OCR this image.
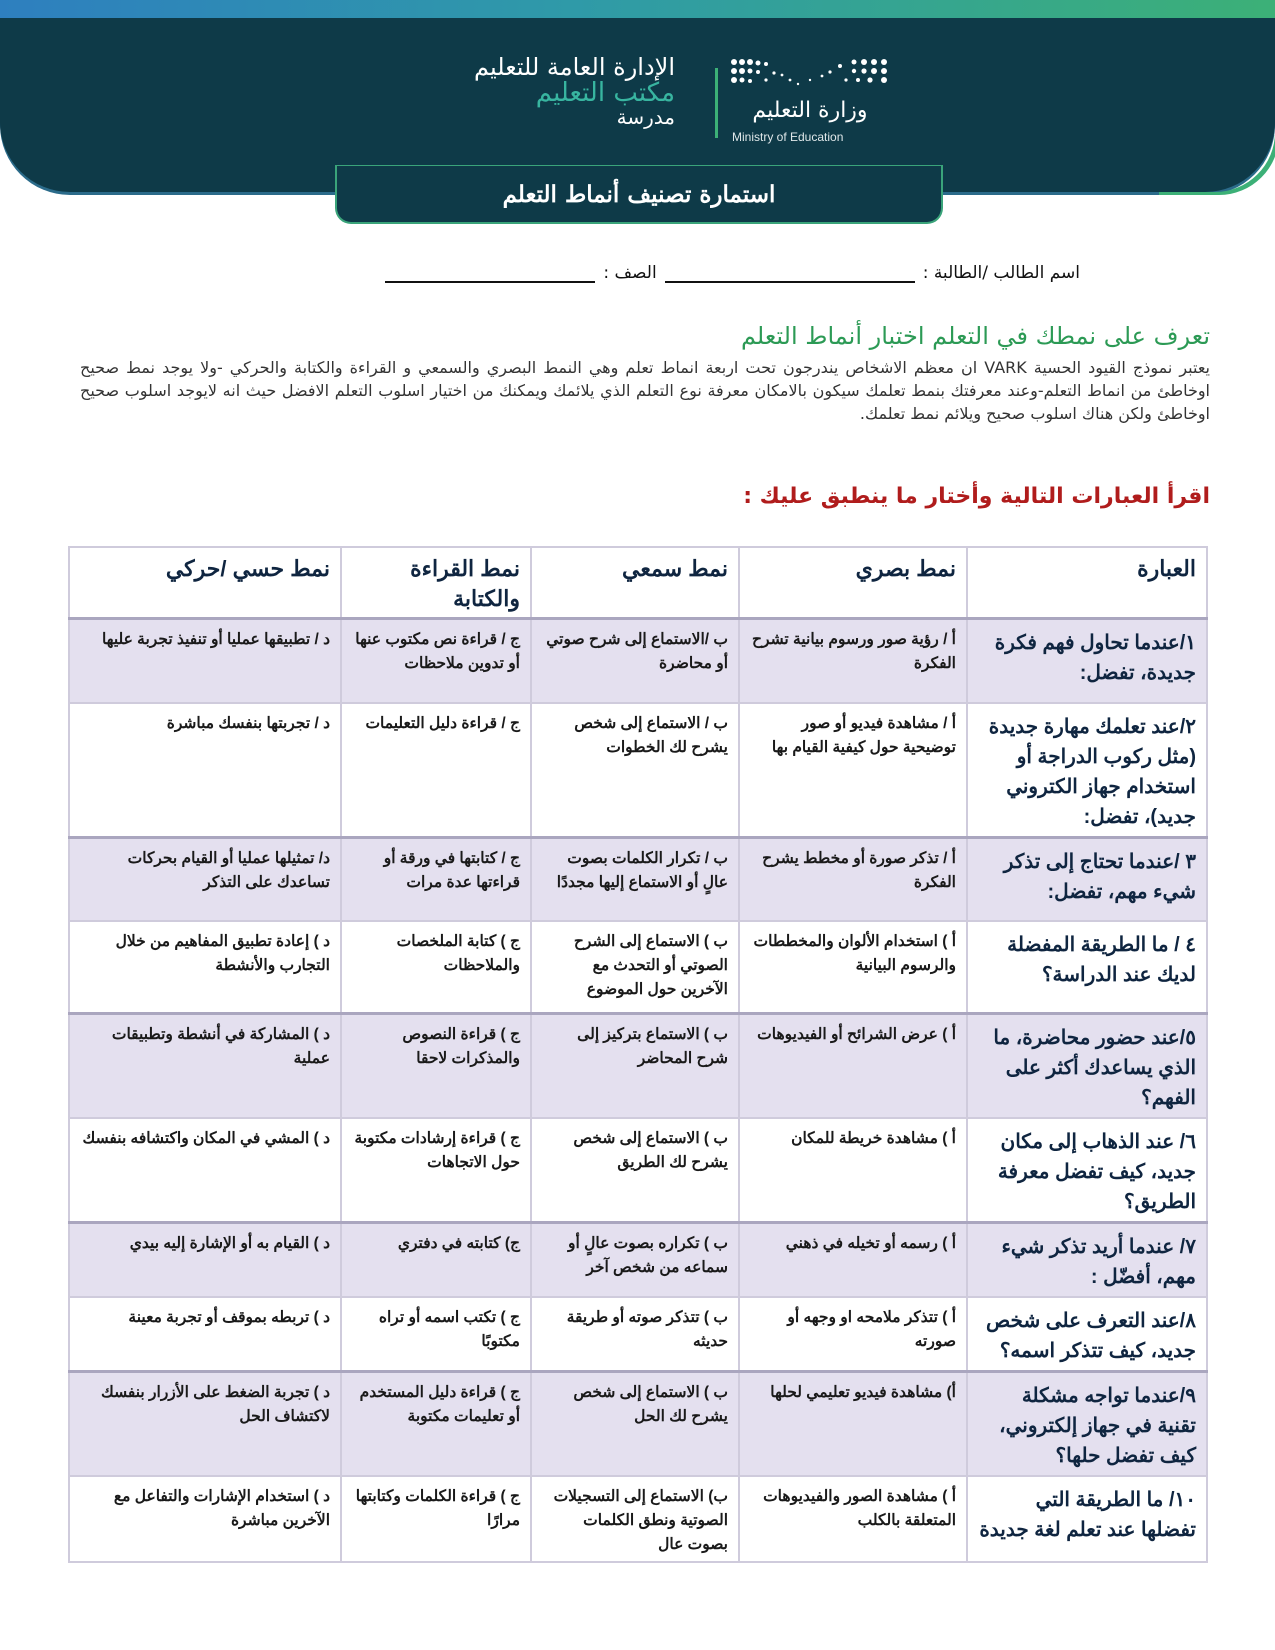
وزارة التعليم
Ministry of Education
الإدارة العامة للتعليم
مكتب التعليم
مدرسة
استمارة تصنيف أنماط التعلم
اسم الطالب /الطالبة :
الصف :
تعرف على نمطك في التعلم اختبار أنماط التعلم
يعتبر نموذج القيود الحسية VARK ان معظم الاشخاص يندرجون تحت اربعة انماط تعلم وهي النمط البصري والسمعي و القراءة والكتابة والحركي -ولا يوجد نمط صحيح اوخاطئ من انماط التعلم-وعند معرفتك بنمط تعلمك سيكون بالامكان معرفة نوع التعلم الذي يلائمك ويمكنك من اختيار اسلوب التعلم الافضل حيث انه لايوجد اسلوب صحيح اوخاطئ ولكن هناك اسلوب صحيح ويلائم نمط تعلمك.
اقرأ العبارات التالية وأختار ما ينطبق عليك :
العبارة	نمط بصري	نمط سمعي	نمط القراءة والكتابة	نمط حسي /حركي
١/عندما تحاول فهم فكرة جديدة، تفضل:	أ / رؤية صور ورسوم بيانية تشرح الفكرة	ب /الاستماع إلى شرح صوتي أو محاضرة	ج / قراءة نص مكتوب عنها أو تدوين ملاحظات	د / تطبيقها عمليا أو تنفيذ تجربة عليها
٢/عند تعلمك مهارة جديدة (مثل ركوب الدراجة أو استخدام جهاز الكتروني جديد)، تفضل:	أ / مشاهدة فيديو أو صور توضيحية حول كيفية القيام بها	ب / الاستماع إلى شخص يشرح لك الخطوات	ج / قراءة دليل التعليمات	د / تجربتها بنفسك مباشرة
٣ /عندما تحتاج إلى تذكر شيء مهم، تفضل:	أ / تذكر صورة أو مخطط يشرح الفكرة	ب / تكرار الكلمات بصوت عالٍ أو الاستماع إليها مجددًا	ج / كتابتها في ورقة أو قراءتها عدة مرات	د/ تمثيلها عمليا أو القيام بحركات تساعدك على التذكر
٤ / ما الطريقة المفضلة لديك عند الدراسة؟	أ ) استخدام الألوان والمخططات والرسوم البيانية	ب ) الاستماع إلى الشرح الصوتي أو التحدث مع الآخرين حول الموضوع	ج ) كتابة الملخصات والملاحظات	د ) إعادة تطبيق المفاهيم من خلال التجارب والأنشطة
٥/عند حضور محاضرة، ما الذي يساعدك أكثر على الفهم؟	أ ) عرض الشرائح أو الفيديوهات	ب ) الاستماع بتركيز إلى شرح المحاضر	ج ) قراءة النصوص والمذكرات لاحقا	د ) المشاركة في أنشطة وتطبيقات عملية
٦/ عند الذهاب إلى مكان جديد، كيف تفضل معرفة الطريق؟	أ ) مشاهدة خريطة للمكان	ب ) الاستماع إلى شخص يشرح لك الطريق	ج ) قراءة إرشادات مكتوبة حول الاتجاهات	د ) المشي في المكان واكتشافه بنفسك
٧/ عندما أريد تذكر شيء مهم، أفضّل :	أ ) رسمه أو تخيله في ذهني	ب ) تكراره بصوت عالٍ أو سماعه من شخص آخر	ج) كتابته في دفتري	د ) القيام به أو الإشارة إليه بيدي
٨/عند التعرف على شخص جديد، كيف تتذكر اسمه؟	أ ) تتذكر ملامحه او وجهه أو صورته	ب ) تتذكر صوته أو طريقة حديثه	ج ) تكتب اسمه أو تراه مكتوبًا	د ) تربطه بموقف أو تجربة معينة
٩/عندما تواجه مشكلة تقنية في جهاز إلكتروني، كيف تفضل حلها؟	أ) مشاهدة فيديو تعليمي لحلها	ب ) الاستماع إلى شخص يشرح لك الحل	ج ) قراءة دليل المستخدم أو تعليمات مكتوبة	د ) تجربة الضغط على الأزرار بنفسك لاكتشاف الحل
١٠/ ما الطريقة التي تفضلها عند تعلم لغة جديدة	أ ) مشاهدة الصور والفيديوهات المتعلقة بالكلب	ب) الاستماع إلى التسجيلات الصوتية ونطق الكلمات بصوت عال	ج ) قراءة الكلمات وكتابتها مرارًا	د ) استخدام الإشارات والتفاعل مع الآخرين مباشرة
